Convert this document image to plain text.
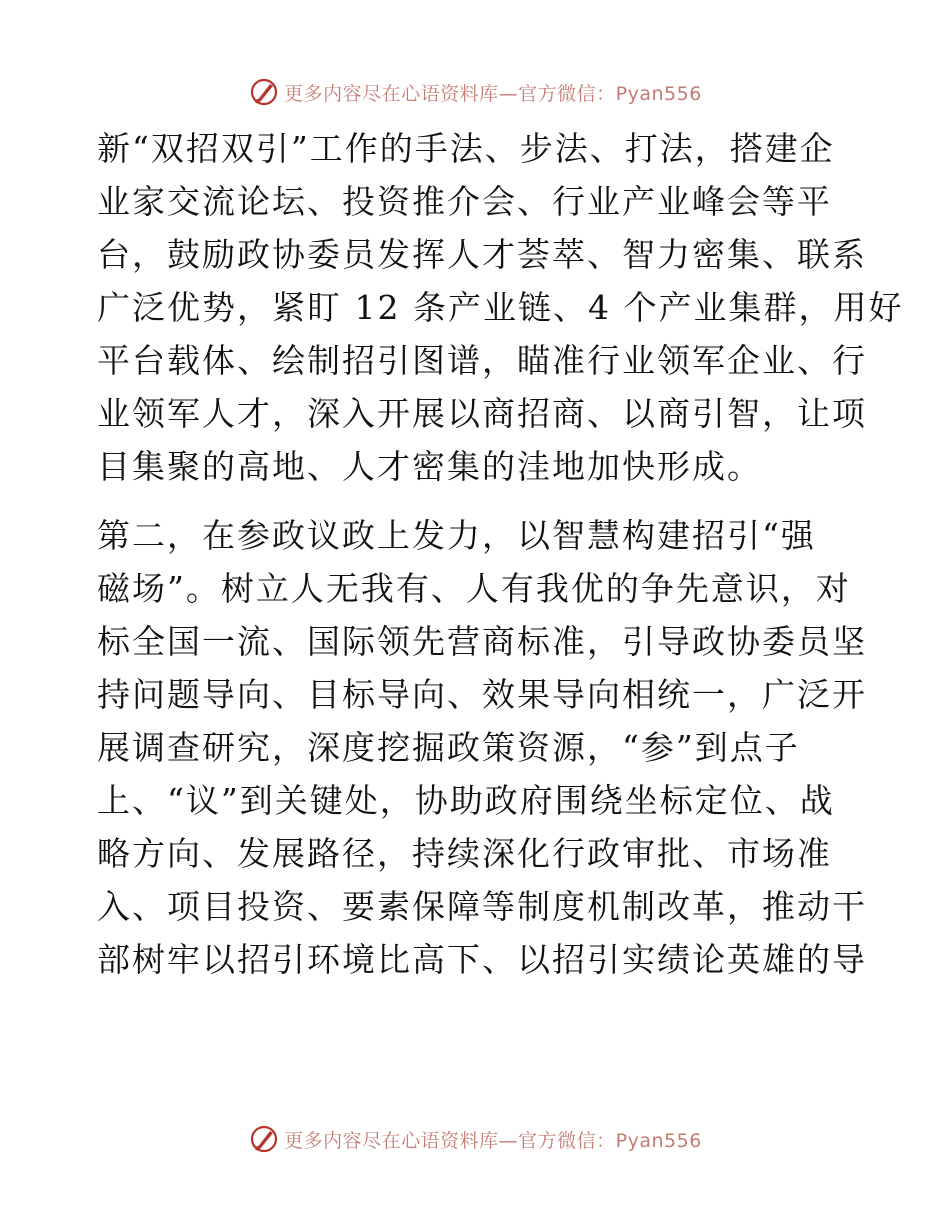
更多内容尽在心语资料库—官方微信：Pyan556
新“双招双引”工作的手法、步法、打法，搭建企
业家交流论坛、投资推介会、行业产业峰会等平
台，鼓励政协委员发挥人才荟萃、智力密集、联系
广泛优势，紧盯 12 条产业链、4 个产业集群，用好
平台载体、绘制招引图谱，瞄准行业领军企业、行
业领军人才，深入开展以商招商、以商引智，让项
目集聚的高地、人才密集的洼地加快形成。
第二，在参政议政上发力，以智慧构建招引“强
磁场”。树立人无我有、人有我优的争先意识，对
标全国一流、国际领先营商标准，引导政协委员坚
持问题导向、目标导向、效果导向相统一，广泛开
展调查研究，深度挖掘政策资源，“参”到点子
上、“议”到关键处，协助政府围绕坐标定位、战
略方向、发展路径，持续深化行政审批、市场准
入、项目投资、要素保障等制度机制改革，推动干
部树牢以招引环境比高下、以招引实绩论英雄的导
更多内容尽在心语资料库—官方微信：Pyan556
